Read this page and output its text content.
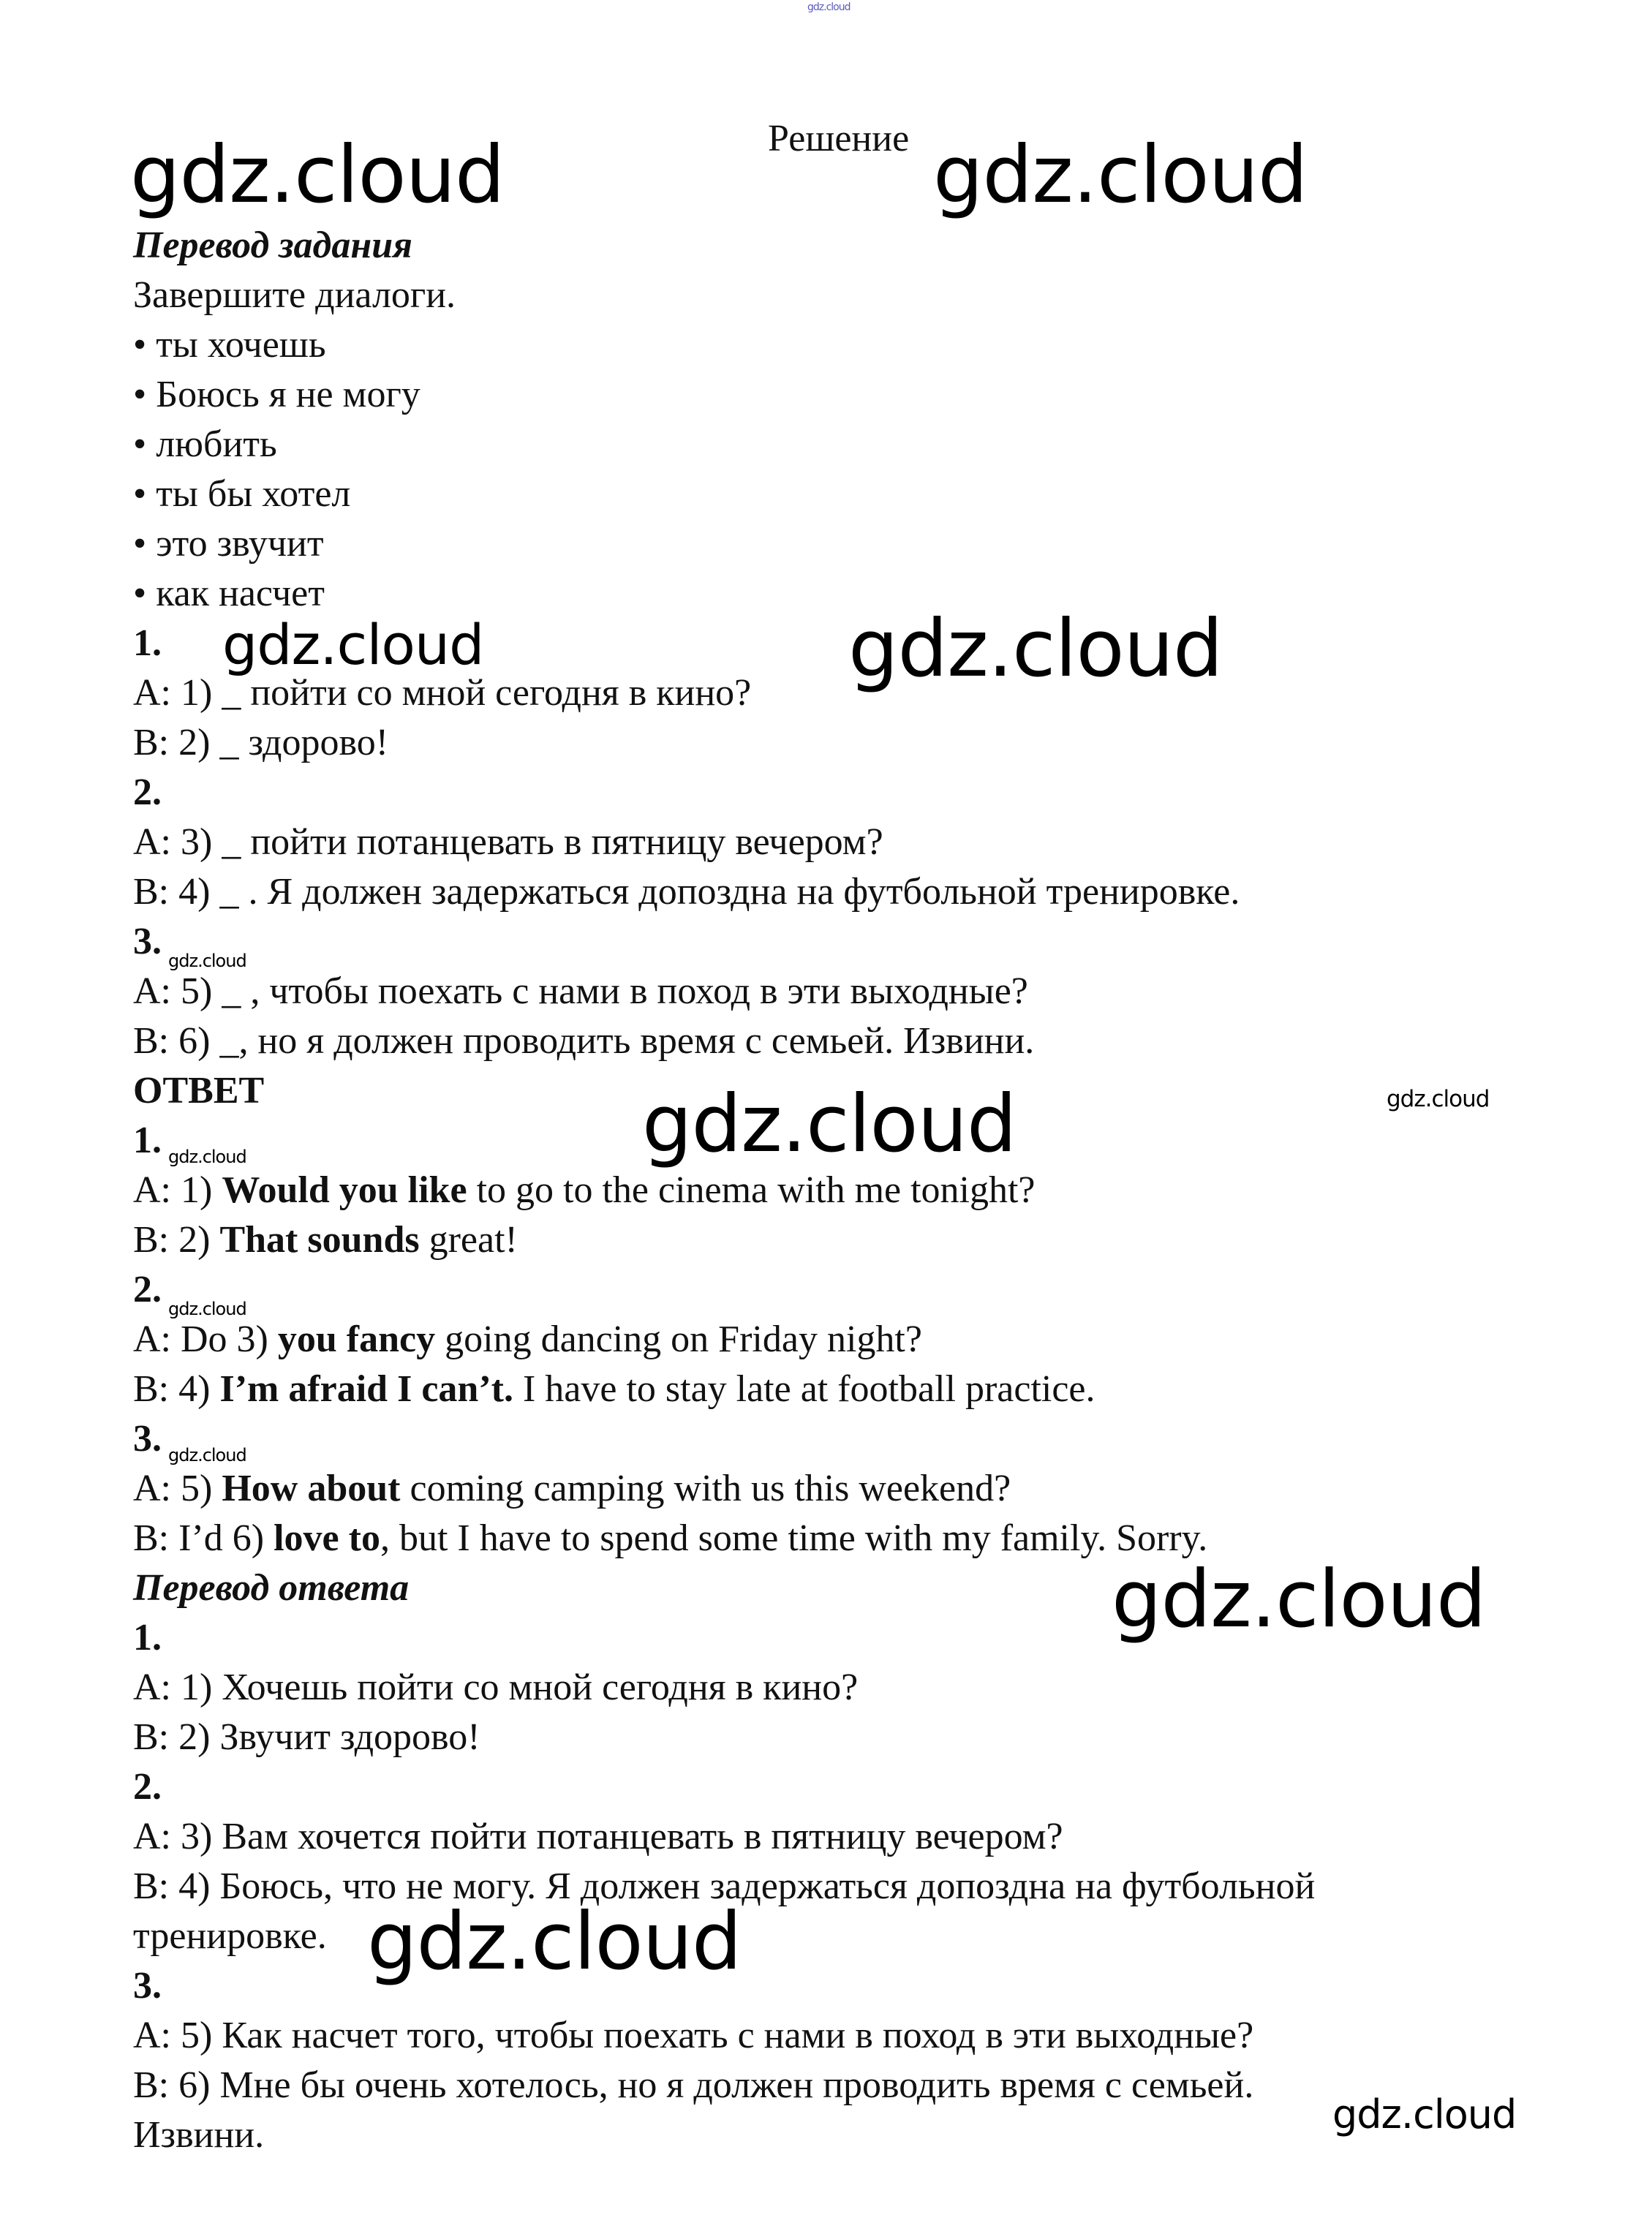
gdz.cloud
Решение
gdz.cloud	gdz.cloud
gdz.cloud	gdz.cloud
gdz.cloud	gdz.cloud
gdz.cloud
gdz.cloud
gdz.cloud
gdz.cloud
gdz.cloud
gdz.cloud
gdz.cloud
Перевод задания
Завершите диалоги.
• ты хочешь
• Боюсь я не могу
• любить
• ты бы хотел
• это звучит
• как насчет
1.
A: 1) _ пойти со мной сегодня в кино?
B: 2) _ здорово!
2.
A: 3) _ пойти потанцевать в пятницу вечером?
B: 4) _ . Я должен задержаться допоздна на футбольной тренировке.
3.
A: 5) _ , чтобы поехать с нами в поход в эти выходные?
B: 6) _, но я должен проводить время с семьей. Извини.
ОТВЕТ
1.
A: 1) Would you like to go to the cinema with me tonight?
B: 2) That sounds great!
2.
A: Do 3) you fancy going dancing on Friday night?
B: 4) I’m afraid I can’t. I have to stay late at football practice.
3.
A: 5) How about coming camping with us this weekend?
B: I’d 6) love to, but I have to spend some time with my family. Sorry.
Перевод ответа
1.
A: 1) Хочешь пойти со мной сегодня в кино?
B: 2) Звучит здорово!
2.
A: 3) Вам хочется пойти потанцевать в пятницу вечером?
B: 4) Боюсь, что не могу. Я должен задержаться допоздна на футбольной
тренировке.
3.
A: 5) Как насчет того, чтобы поехать с нами в поход в эти выходные?
B: 6) Мне бы очень хотелось, но я должен проводить время с семьей.
Извини.
